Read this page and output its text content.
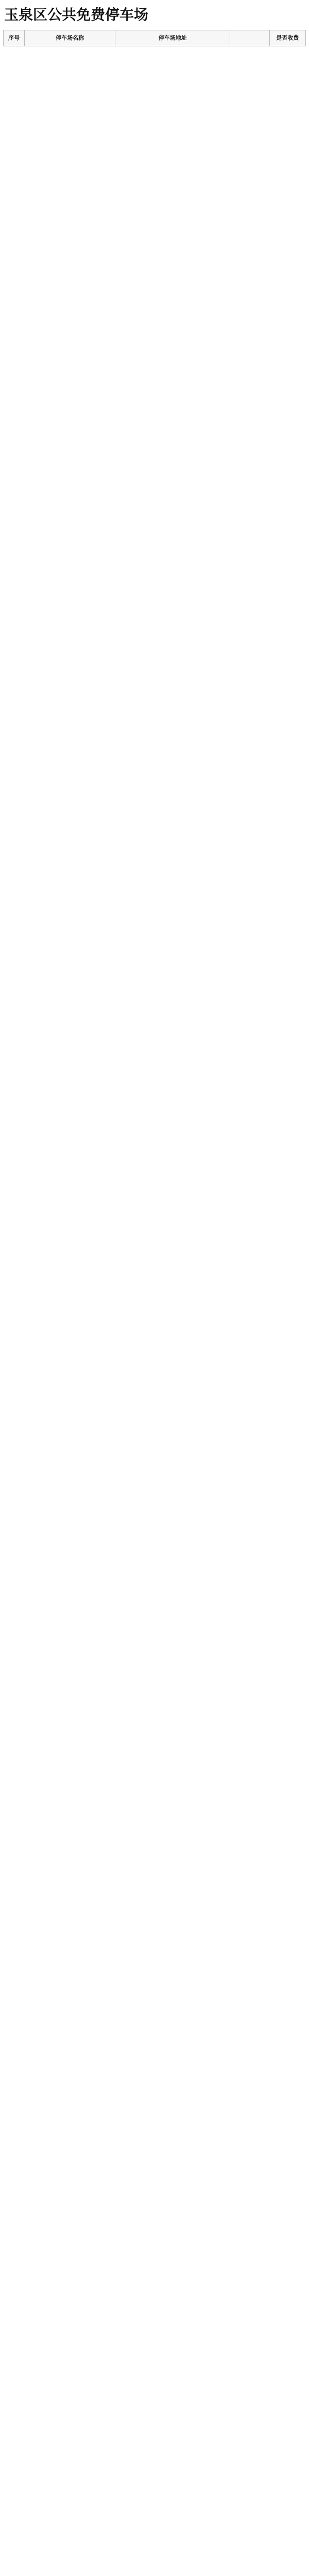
玉泉区公共免费停车场
序号	停车场名称	停车场地址		是否收费
